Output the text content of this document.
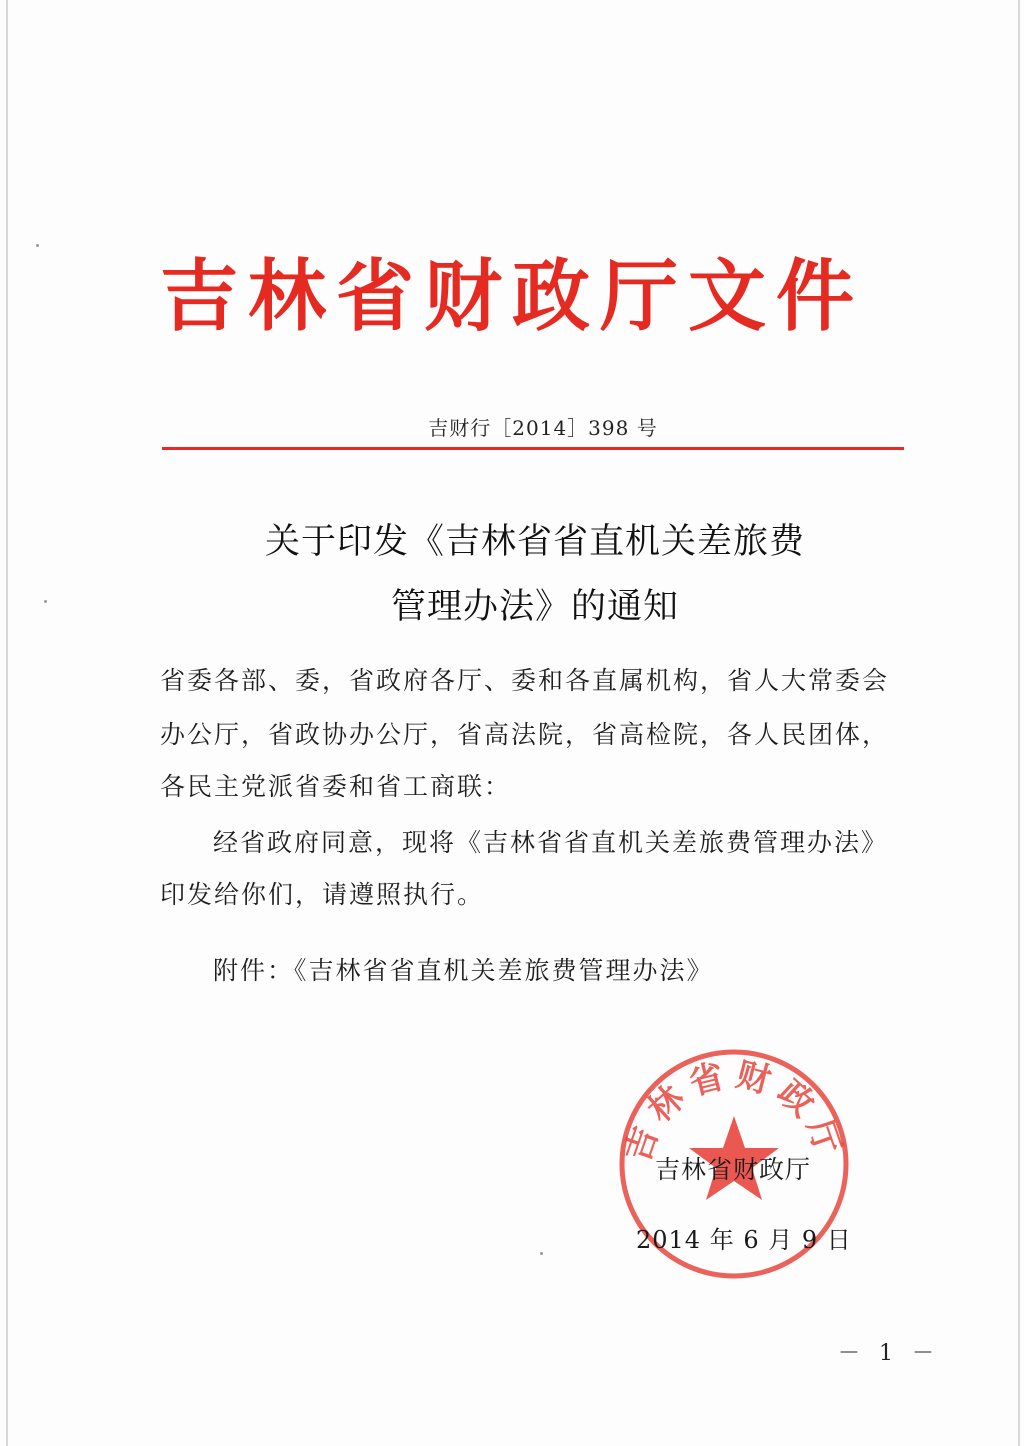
吉林省财政厅文件
吉财行［2014］398 号
关于印发《吉林省省直机关差旅费
管理办法》的通知
省委各部、委，省政府各厅、委和各直属机构，省人大常委会
办公厅，省政协办公厅，省高法院，省高检院，各人民团体，
各民主党派省委和省工商联：
经省政府同意，现将《吉林省省直机关差旅费管理办法》
印发给你们，请遵照执行。
附件：《吉林省省直机关差旅费管理办法》
吉林省财政厅
吉林省财政厅
2014 年 6 月 9 日
－ 1 －
